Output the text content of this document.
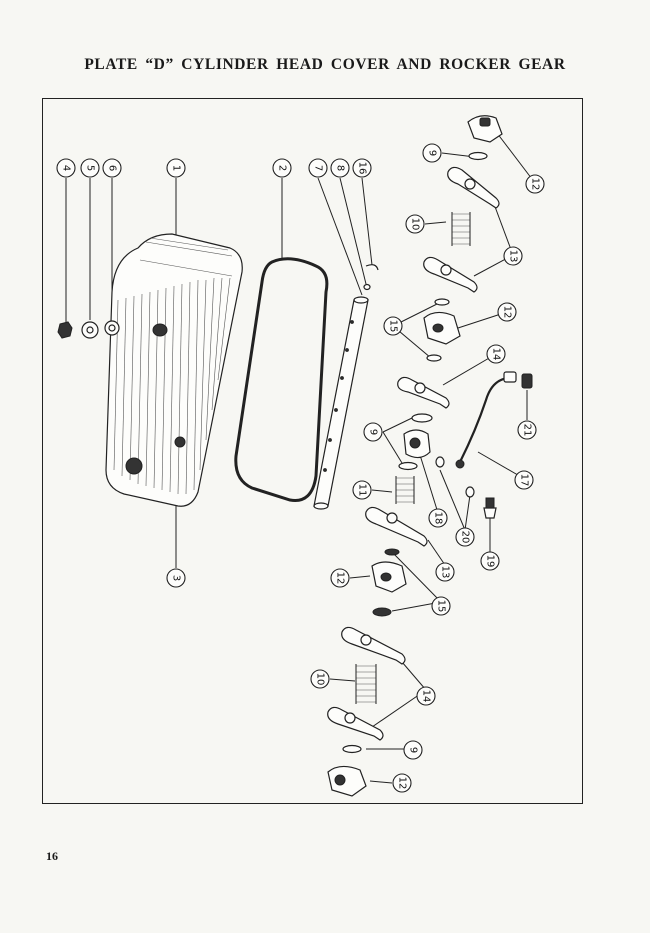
PLATE “D” CYLINDER HEAD COVER AND ROCKER GEAR
16
4 5 6	1	2	7 8 16
9
12
10
13
15
12
14
9	21
17
11
18
20
19
13
3	12
15
10
14
9
12
